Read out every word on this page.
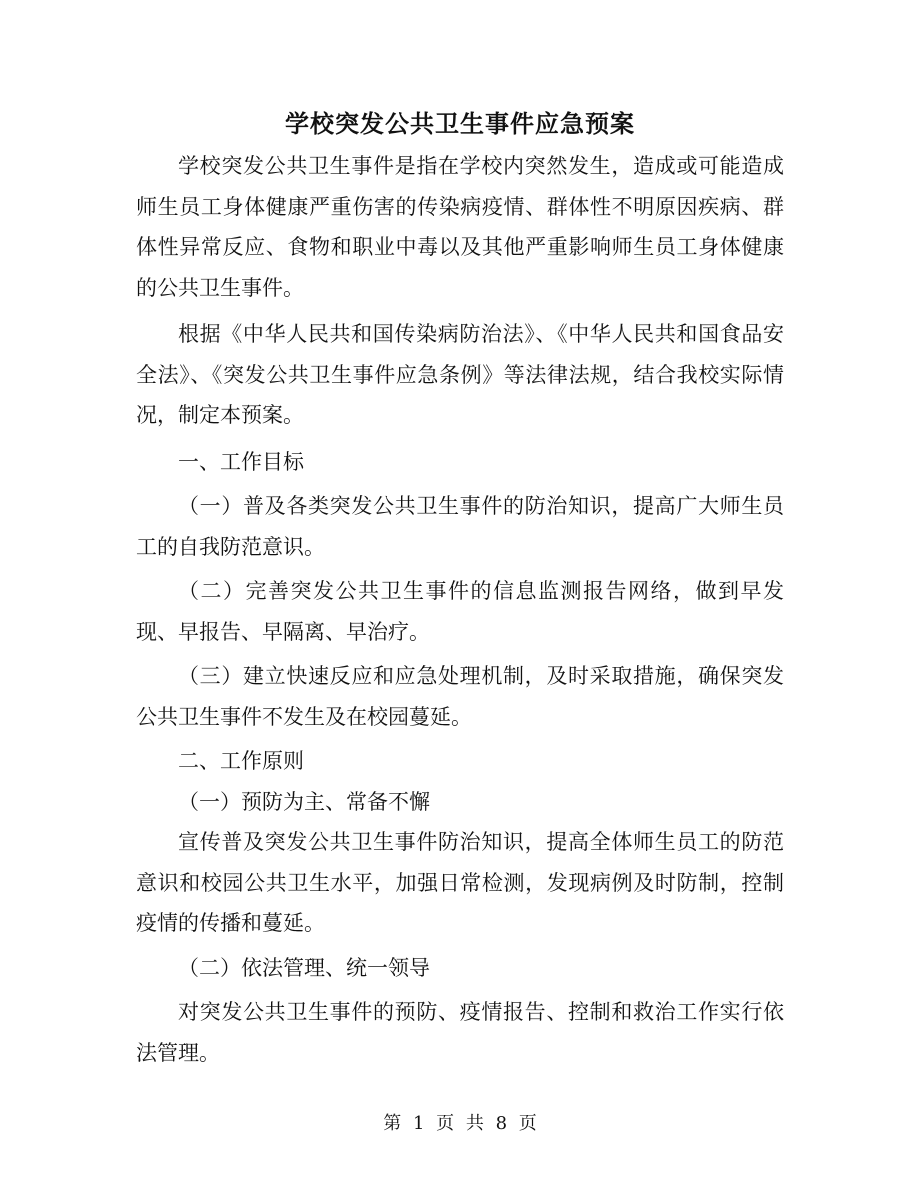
学校突发公共卫生事件应急预案

学校突发公共卫生事件是指在学校内突然发生，造成或可能造成师生员工身体健康严重伤害的传染病疫情、群体性不明原因疾病、群体性异常反应、食物和职业中毒以及其他严重影响师生员工身体健康的公共卫生事件。

根据《中华人民共和国传染病防治法》、《中华人民共和国食品安全法》、《突发公共卫生事件应急条例》等法律法规，结合我校实际情况，制定本预案。

一、工作目标

（一）普及各类突发公共卫生事件的防治知识，提高广大师生员工的自我防范意识。

（二）完善突发公共卫生事件的信息监测报告网络，做到早发现、早报告、早隔离、早治疗。

（三）建立快速反应和应急处理机制，及时采取措施，确保突发公共卫生事件不发生及在校园蔓延。

二、工作原则

（一）预防为主、常备不懈

宣传普及突发公共卫生事件防治知识，提高全体师生员工的防范意识和校园公共卫生水平，加强日常检测，发现病例及时防制，控制疫情的传播和蔓延。

（二）依法管理、统一领导

对突发公共卫生事件的预防、疫情报告、控制和救治工作实行依法管理。

第 1 页 共 8 页
